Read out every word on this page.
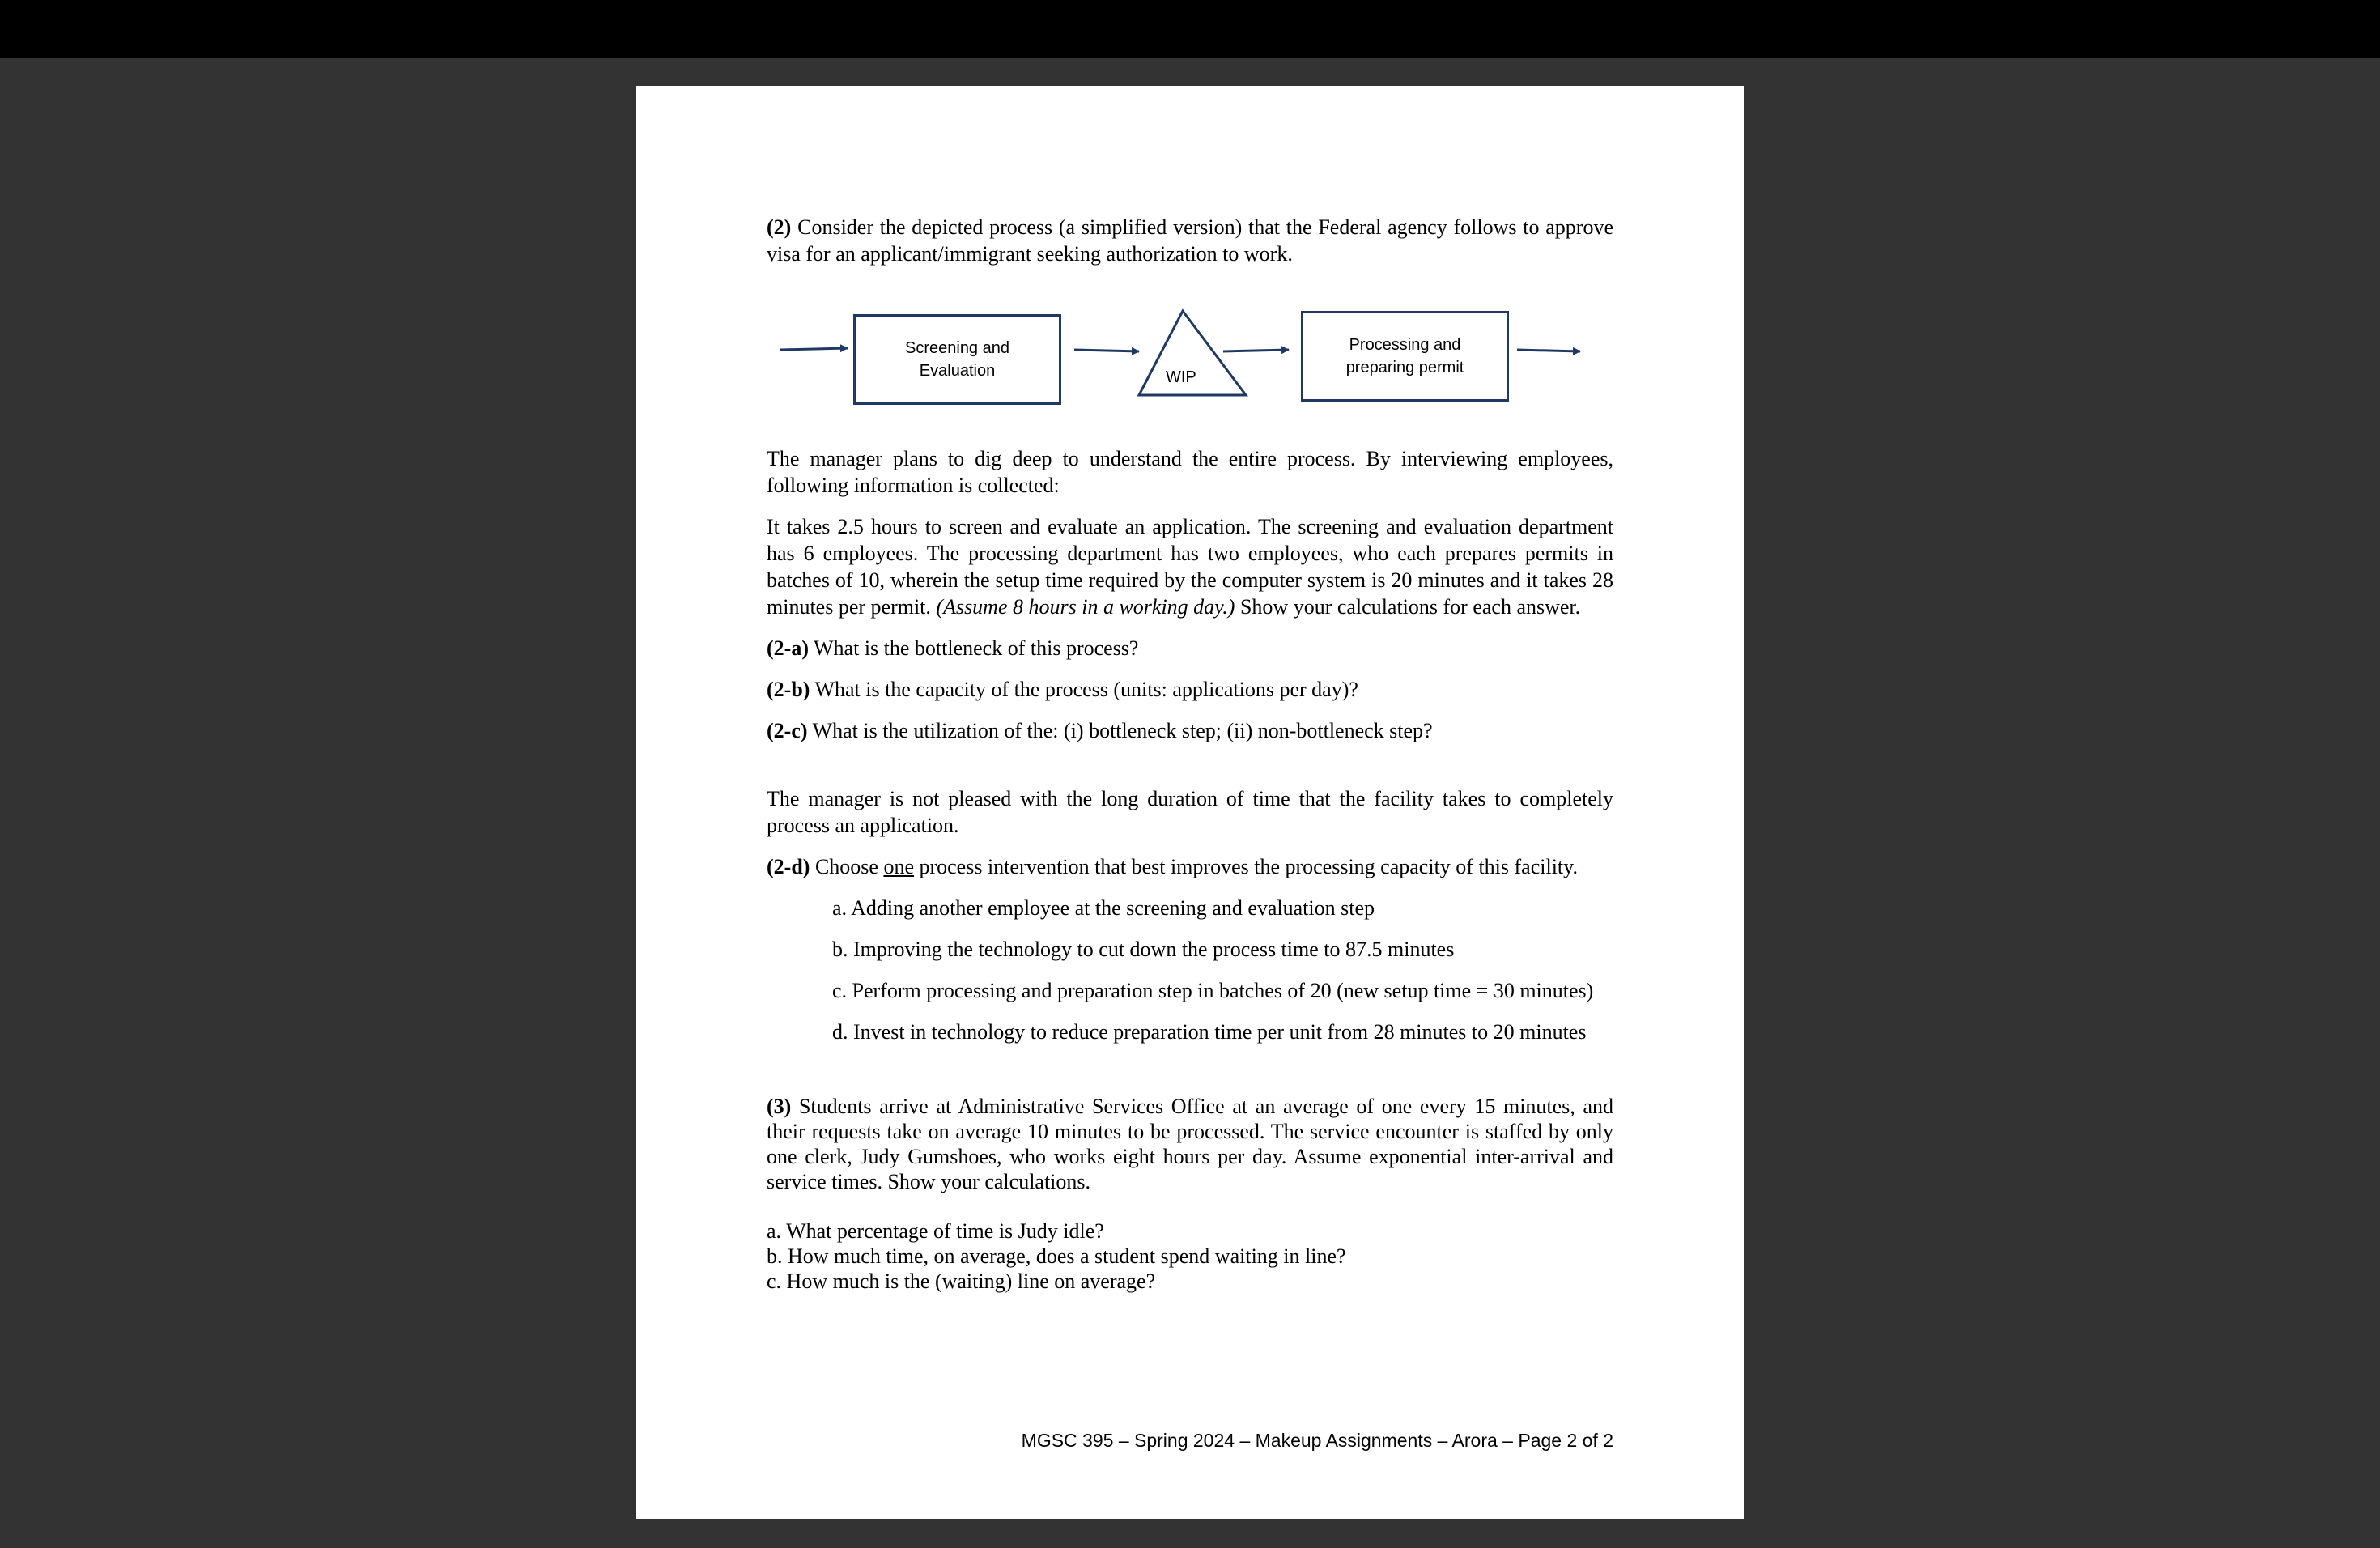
(2) Consider the depicted process (a simplified version) that the Federal agency follows to approve visa for an applicant/immigrant seeking authorization to work.

Screening and Evaluation	WIP
Processing and preparing permit

The manager plans to dig deep to understand the entire process. By interviewing employees, following information is collected:

It takes 2.5 hours to screen and evaluate an application. The screening and evaluation department has 6 employees. The processing department has two employees, who each prepares permits in batches of 10, wherein the setup time required by the computer system is 20 minutes and it takes 28 minutes per permit. (Assume 8 hours in a working day.) Show your calculations for each answer.

(2-a) What is the bottleneck of this process?

(2-b) What is the capacity of the process (units: applications per day)?

(2-c) What is the utilization of the: (i) bottleneck step; (ii) non-bottleneck step?

The manager is not pleased with the long duration of time that the facility takes to completely process an application.

(2-d) Choose one process intervention that best improves the processing capacity of this facility.

a. Adding another employee at the screening and evaluation step

b. Improving the technology to cut down the process time to 87.5 minutes

c. Perform processing and preparation step in batches of 20 (new setup time = 30 minutes)

d. Invest in technology to reduce preparation time per unit from 28 minutes to 20 minutes

(3) Students arrive at Administrative Services Office at an average of one every 15 minutes, and their requests take on average 10 minutes to be processed. The service encounter is staffed by only one clerk, Judy Gumshoes, who works eight hours per day. Assume exponential inter-arrival and service times. Show your calculations.

a. What percentage of time is Judy idle?

b. How much time, on average, does a student spend waiting in line?

c. How much is the (waiting) line on average?

MGSC 395 – Spring 2024 – Makeup Assignments – Arora – Page 2 of 2
